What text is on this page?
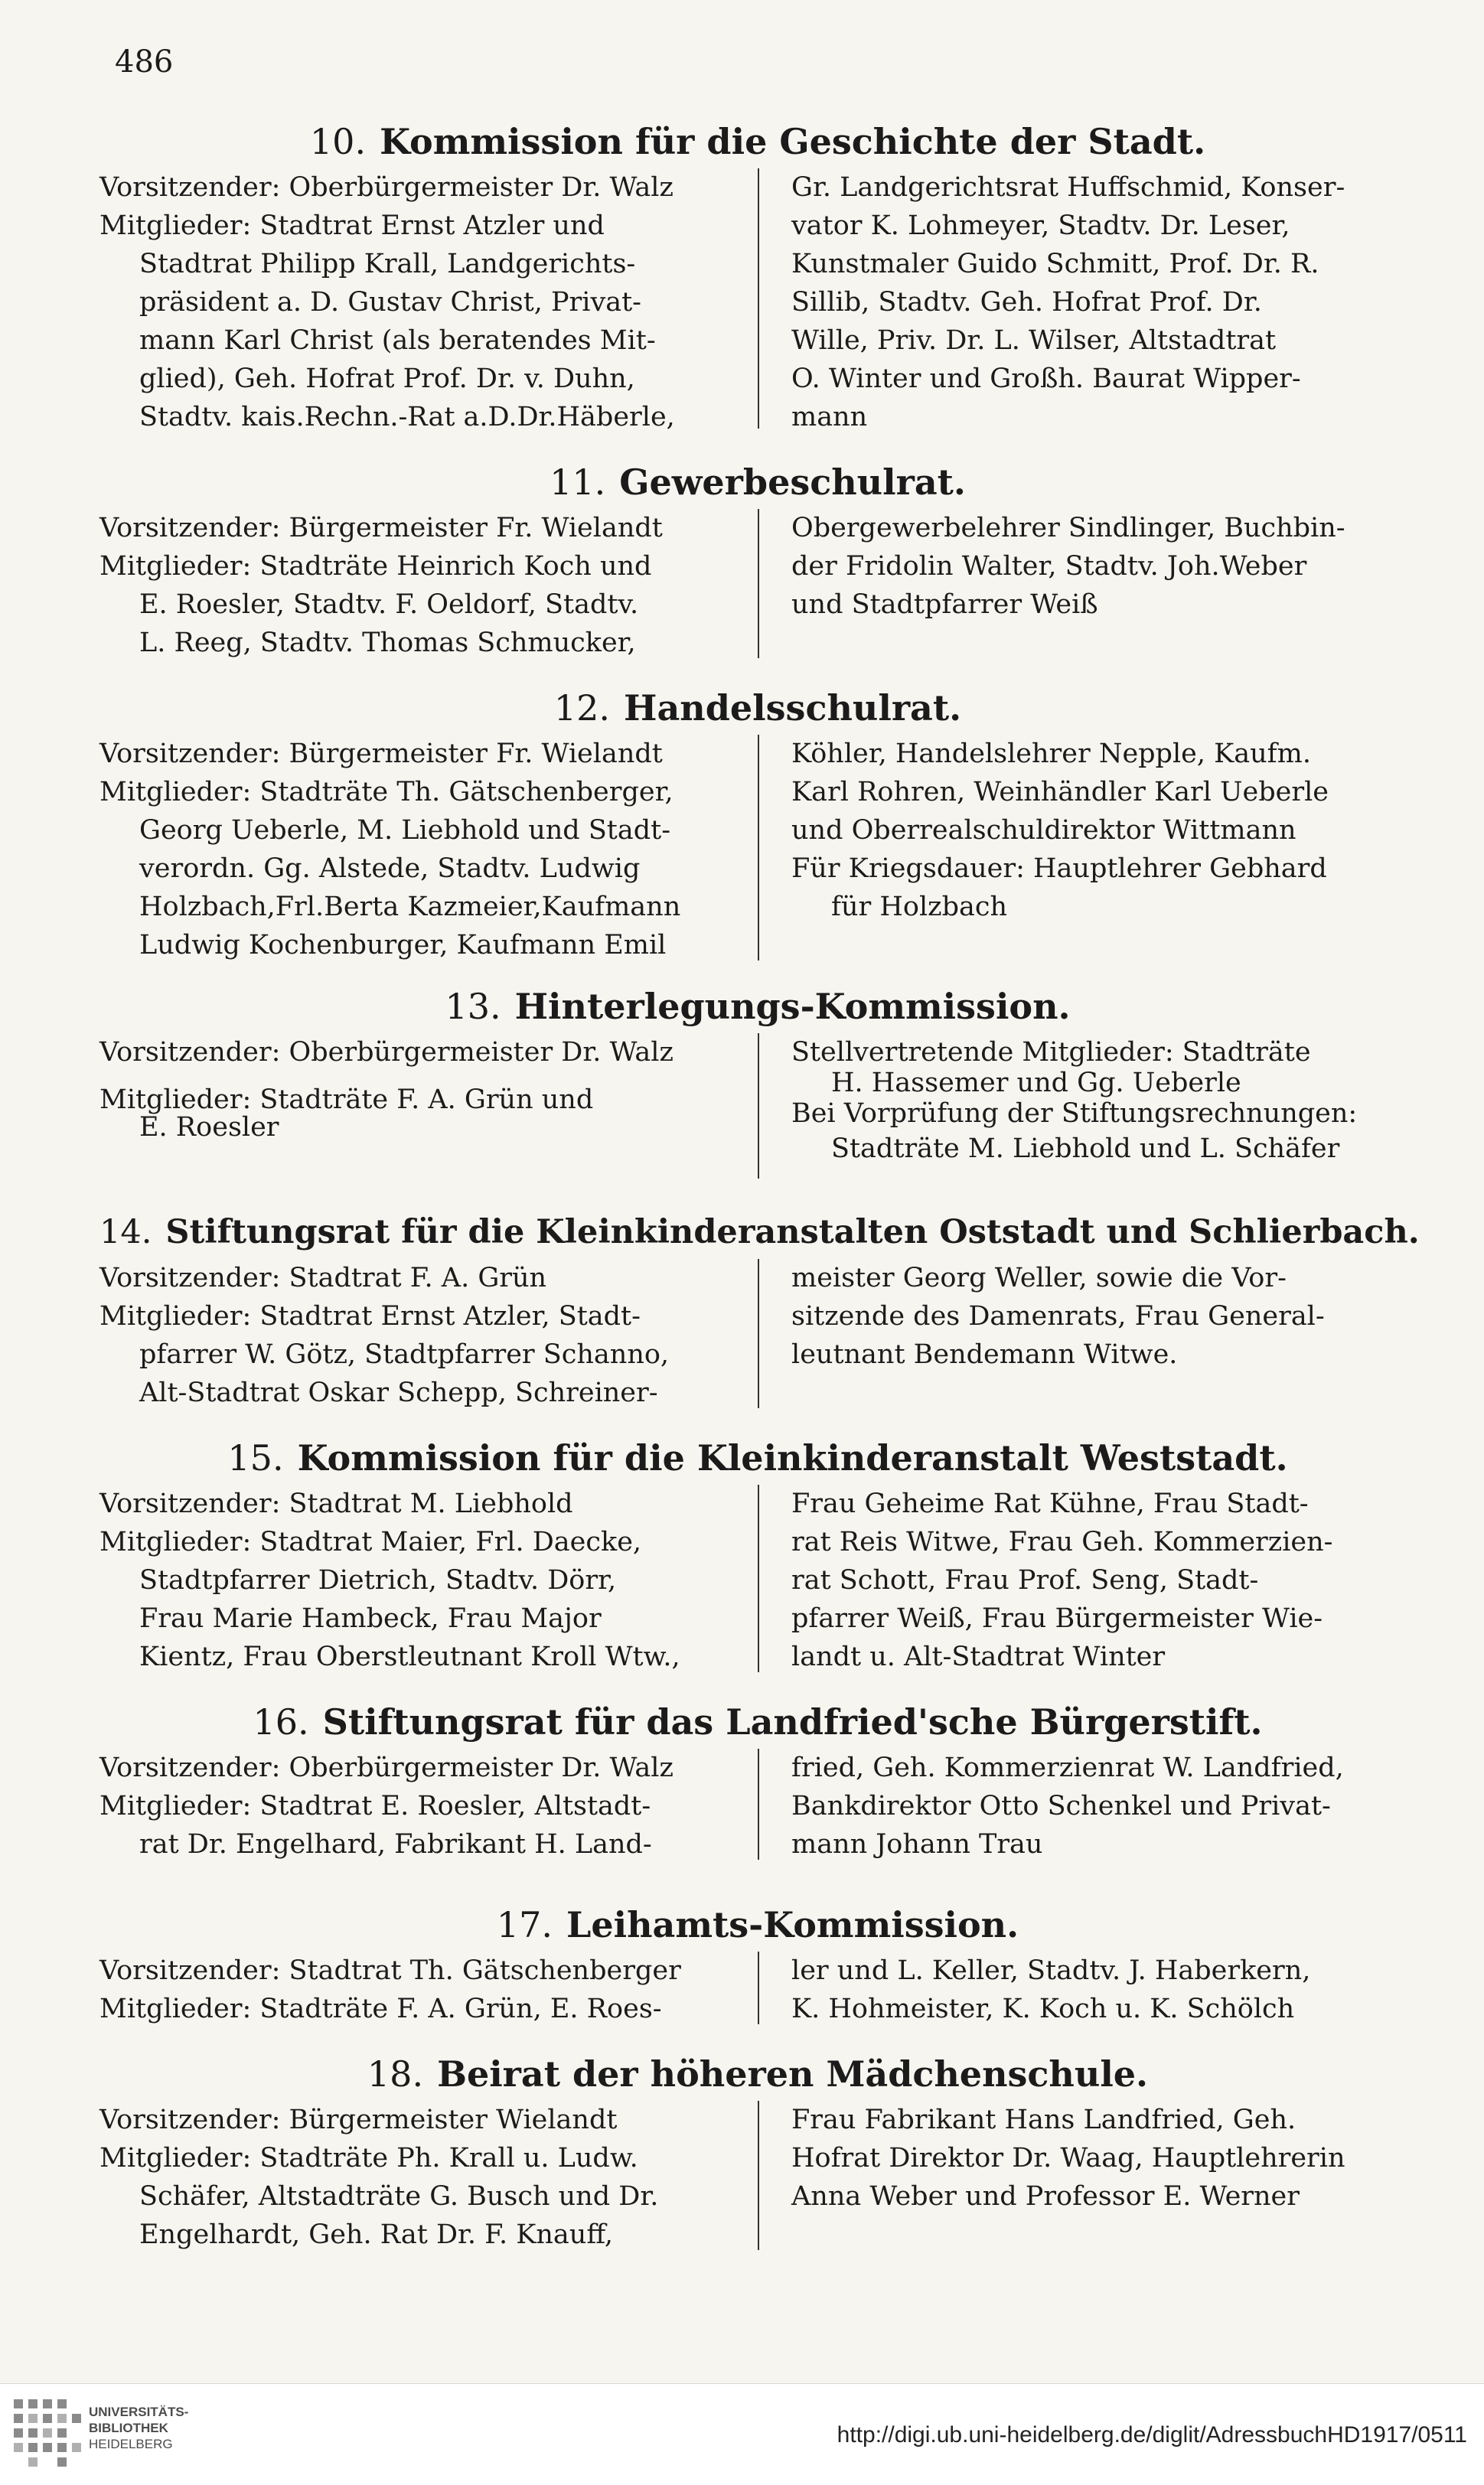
486
10. Kommission für die Geschichte der Stadt.
Vorsitzender: Oberbürgermeister Dr. Walz
Mitglieder: Stadtrat Ernst Atzler und
Stadtrat Philipp Krall, Landgerichts-
präsident a. D. Gustav Christ, Privat-
mann Karl Christ (als beratendes Mit-
glied), Geh. Hofrat Prof. Dr. v. Duhn,
Stadtv. kais.Rechn.-Rat a.D.Dr.Häberle,
Gr. Landgerichtsrat Huffschmid, Konser-
vator K. Lohmeyer, Stadtv. Dr. Leser,
Kunstmaler Guido Schmitt, Prof. Dr. R.
Sillib, Stadtv. Geh. Hofrat Prof. Dr.
Wille, Priv. Dr. L. Wilser, Altstadtrat
O. Winter und Großh. Baurat Wipper-
mann
11. Gewerbeschulrat.
Vorsitzender: Bürgermeister Fr. Wielandt
Mitglieder: Stadträte Heinrich Koch und
E. Roesler, Stadtv. F. Oeldorf, Stadtv.
L. Reeg, Stadtv. Thomas Schmucker,
Obergewerbelehrer Sindlinger, Buchbin-
der Fridolin Walter, Stadtv. Joh.Weber
und Stadtpfarrer Weiß
12. Handelsschulrat.
Vorsitzender: Bürgermeister Fr. Wielandt
Mitglieder: Stadträte Th. Gätschenberger,
Georg Ueberle, M. Liebhold und Stadt-
verordn. Gg. Alstede, Stadtv. Ludwig
Holzbach,Frl.Berta Kazmeier,Kaufmann
Ludwig Kochenburger, Kaufmann Emil
Köhler, Handelslehrer Nepple, Kaufm.
Karl Rohren, Weinhändler Karl Ueberle
und Oberrealschuldirektor Wittmann
Für Kriegsdauer: Hauptlehrer Gebhard
für Holzbach
13. Hinterlegungs-Kommission.
Vorsitzender: Oberbürgermeister Dr. Walz
Mitglieder: Stadträte F. A. Grün und
E. Roesler
Stellvertretende Mitglieder: Stadträte
H. Hassemer und Gg. Ueberle
Bei Vorprüfung der Stiftungsrechnungen:
Stadträte M. Liebhold und L. Schäfer
14. Stiftungsrat für die Kleinkinderanstalten Oststadt und Schlierbach.
Vorsitzender: Stadtrat F. A. Grün
Mitglieder: Stadtrat Ernst Atzler, Stadt-
pfarrer W. Götz, Stadtpfarrer Schanno,
Alt-Stadtrat Oskar Schepp, Schreiner-
meister Georg Weller, sowie die Vor-
sitzende des Damenrats, Frau General-
leutnant Bendemann Witwe.
15. Kommission für die Kleinkinderanstalt Weststadt.
Vorsitzender: Stadtrat M. Liebhold
Mitglieder: Stadtrat Maier, Frl. Daecke,
Stadtpfarrer Dietrich, Stadtv. Dörr,
Frau Marie Hambeck, Frau Major
Kientz, Frau Oberstleutnant Kroll Wtw.,
Frau Geheime Rat Kühne, Frau Stadt-
rat Reis Witwe, Frau Geh. Kommerzien-
rat Schott, Frau Prof. Seng, Stadt-
pfarrer Weiß, Frau Bürgermeister Wie-
landt u. Alt-Stadtrat Winter
16. Stiftungsrat für das Landfried'sche Bürgerstift.
Vorsitzender: Oberbürgermeister Dr. Walz
Mitglieder: Stadtrat E. Roesler, Altstadt-
rat Dr. Engelhard, Fabrikant H. Land-
fried, Geh. Kommerzienrat W. Landfried,
Bankdirektor Otto Schenkel und Privat-
mann Johann Trau
17. Leihamts-Kommission.
Vorsitzender: Stadtrat Th. Gätschenberger
Mitglieder: Stadträte F. A. Grün, E. Roes-
ler und L. Keller, Stadtv. J. Haberkern,
K. Hohmeister, K. Koch u. K. Schölch
18. Beirat der höheren Mädchenschule.
Vorsitzender: Bürgermeister Wielandt
Mitglieder: Stadträte Ph. Krall u. Ludw.
Schäfer, Altstadträte G. Busch und Dr.
Engelhardt, Geh. Rat Dr. F. Knauff,
Frau Fabrikant Hans Landfried, Geh.
Hofrat Direktor Dr. Waag, Hauptlehrerin
Anna Weber und Professor E. Werner
UNIVERSITÄTS-
BIBLIOTHEK
HEIDELBERG	http://digi.ub.uni-heidelberg.de/diglit/AdressbuchHD1917/0511
